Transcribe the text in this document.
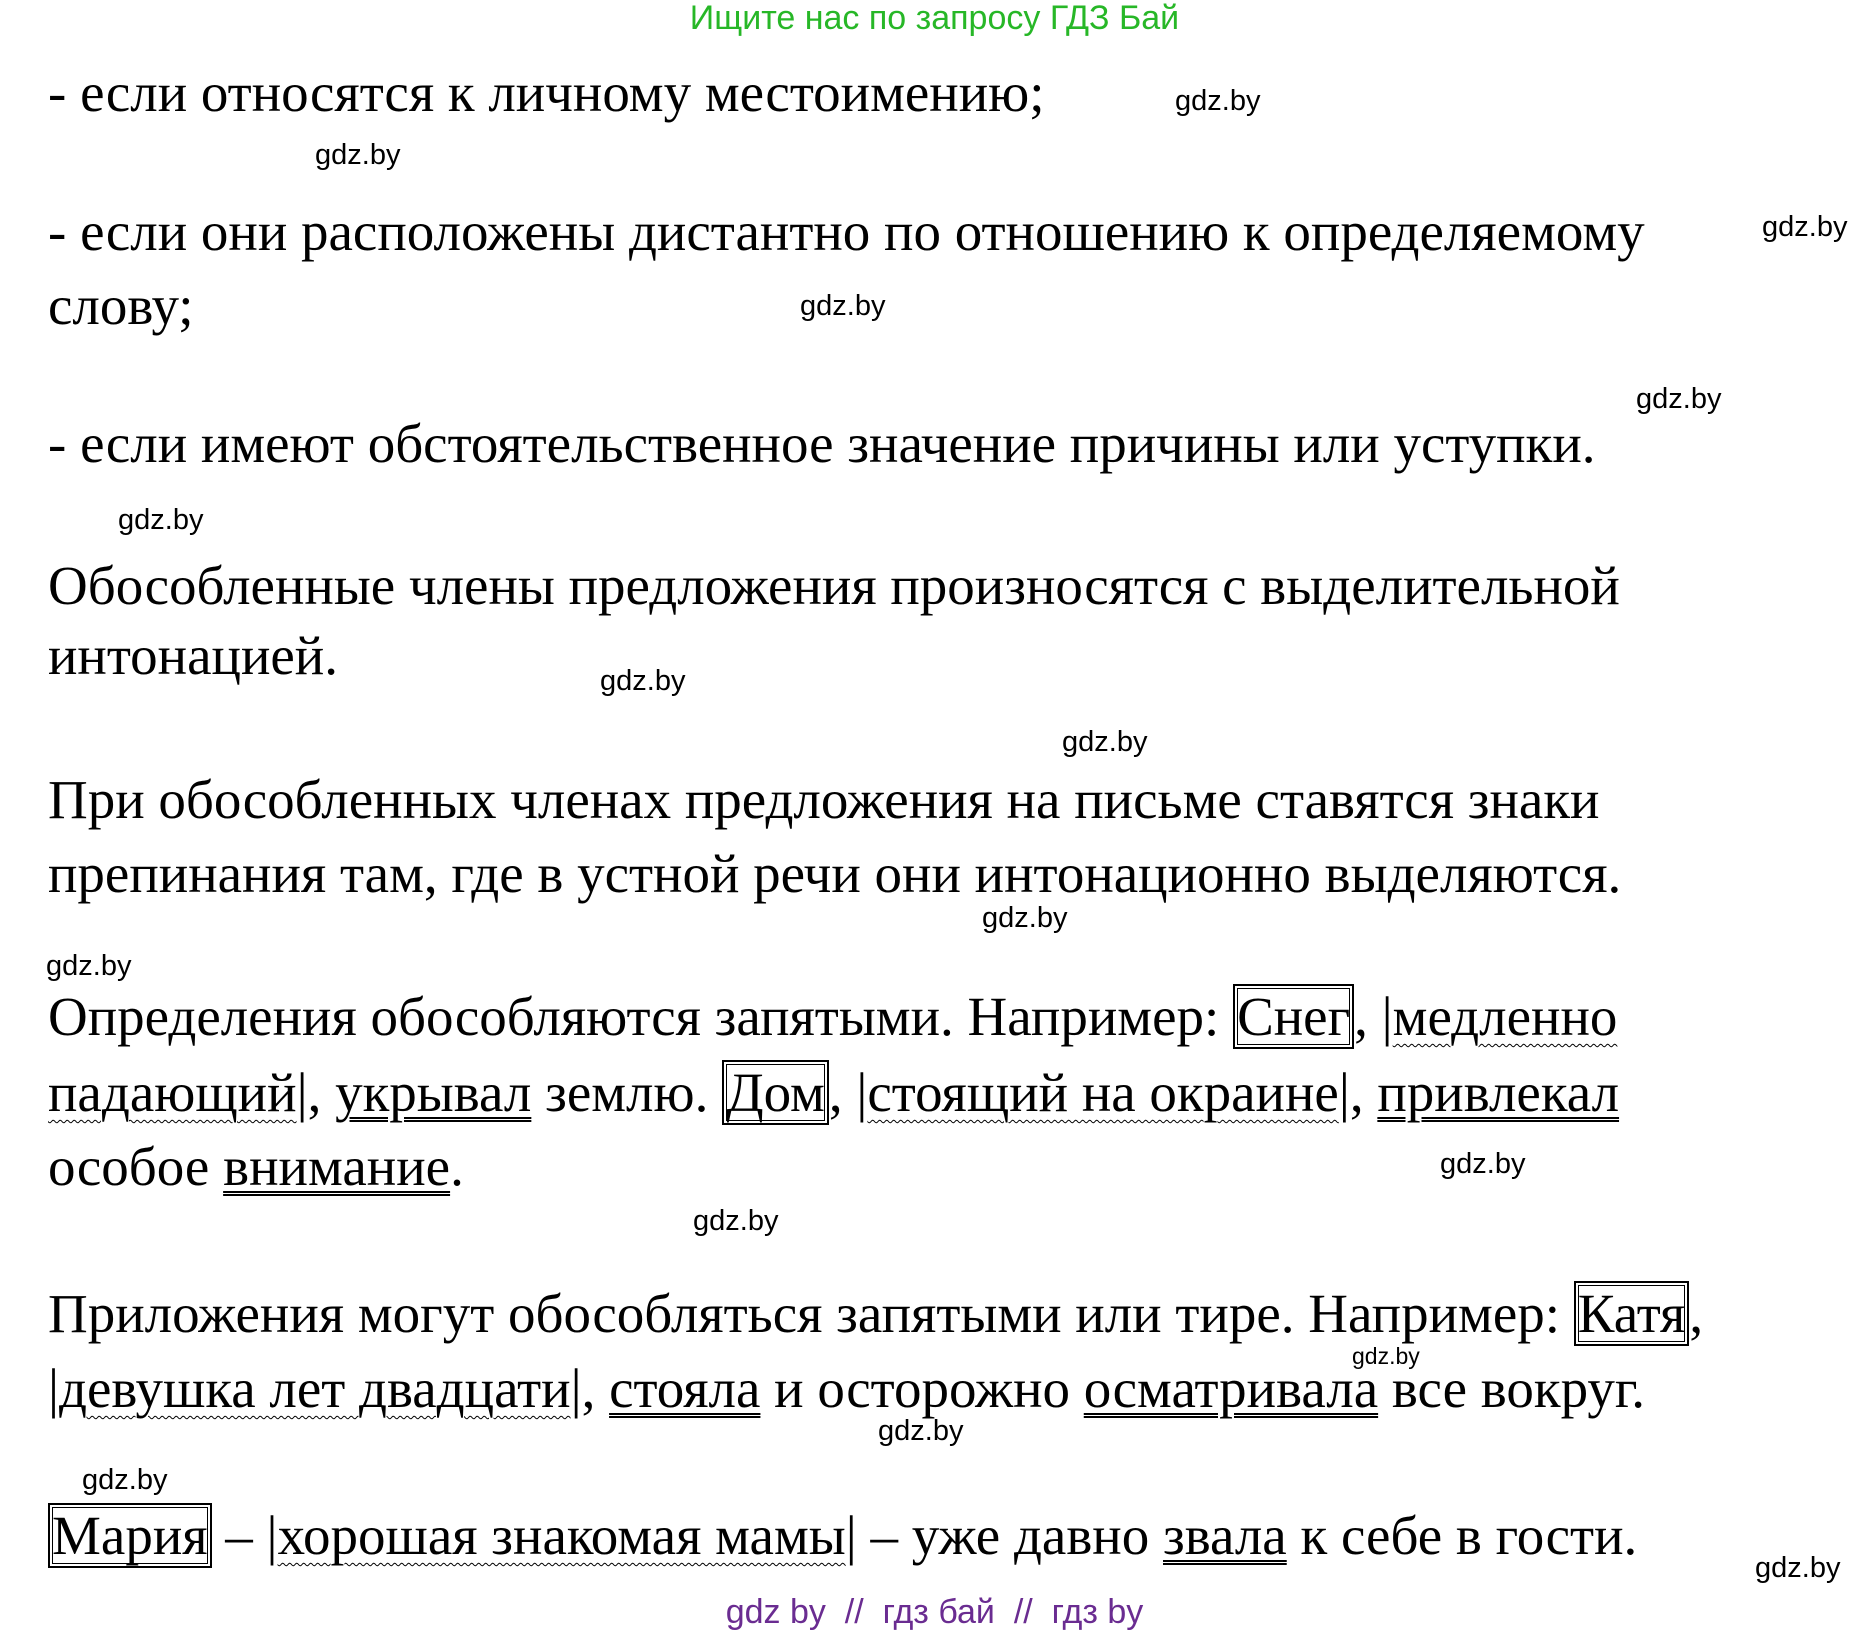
Ищите нас по запросу ГДЗ Бай
- если относятся к личному местоимению;
- если они расположены дистантно по отношению к определяемому
слову;
- если имеют обстоятельственное значение причины или уступки.
Обособленные члены предложения произносятся с выделительной
интонацией.
При обособленных членах предложения на письме ставятся знаки
препинания там, где в устной речи они интонационно выделяются.
Определения обособляются запятыми. Например: Снег, |медленно
падающий|, укрывал землю. Дом, |стоящий на окраине|, привлекал
особое внимание.
Приложения могут обособляться запятыми или тире. Например: Катя,
|девушка лет двадцати|, стояла и осторожно осматривала все вокруг.
Мария – |хорошая знакомая мамы| – уже давно звала к себе в гости.
gdz.by
gdz.by
gdz.by
gdz.by
gdz.by
gdz.by
gdz.by
gdz.by
gdz.by
gdz.by
gdz.by
gdz.by
gdz.by
gdz.by
gdz.by
gdz.by
gdz by  //  гдз бай  //  гдз by
